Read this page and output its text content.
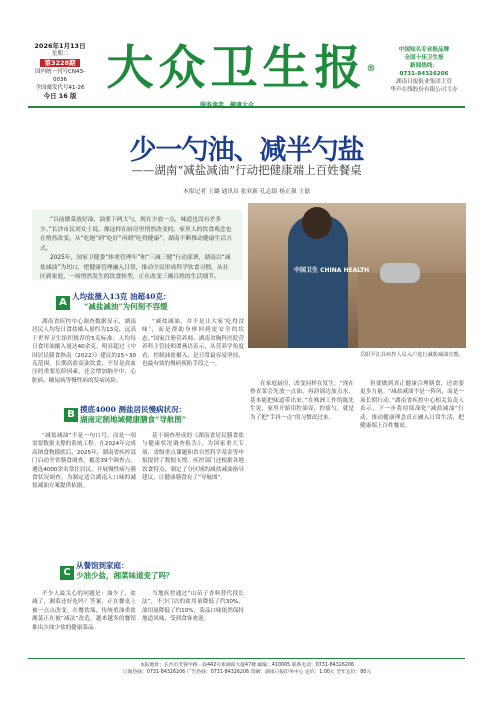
2026年1月13日
星期二
第3228期
国内统一刊号CN43-0036
全国邮发代号41-26
今日 16 版 大众卫生报®
中国知名专业报品牌
全国十佳卫生报
新闻热线：
0731-84326206
湖南日报报业集团主管
华声在线股份有限公司主办
服务读者　 健康大众
少一勺油、减半勺盐
——湖南“减盐减油”行动把健康端上百姓餐桌
本报记者 王璐 通讯员 张亚新 孔志银 杨正强 王磊

“以前做菜放好油，油要下两大勺，现在少放一点，味道也没有差多少。”长沙市民刘女士说。像这样在厨房里悄然改变的，家里人的饮食观念也在悄然改变。从“吃饱”到“吃好”再到“吃得健康”，湖南不断推动健康生活方式。

2025年，国家卫健委“体重管理年”和“三减三健”行动部署，湖南以“减盐减油”为切口，把健康管理融入日常，推动全民形成科学饮食习惯，从社区到家庭，一场悄然发生的饮食转型，正在改变三湘百姓的生活细节。

中国卫生 CHINA HEALTH
岳阳平江县疾控人员入户进行减盐减油宣教。
A
人均盐摄入13克 油超40克：
“减盐减油”为何刻不容缓
湖南省疾控中心调查数据显示，湖南居民人均每日食盐摄入量约为13克，远高于世界卫生组织推荐的5克标准；人均每日食用油摄入量达40余克，明显超过《中国居民膳食指南（2022）》建议的25~30克范围。长期高盐高油饮食，不仅是高血压的重要危险因素，还会增加脑卒中、心脏病、糖尿病等慢性病的发病风险。
“减盐减油，并不是让大家‘吃得没味’，而是帮助身体回到更安全的状态。”国家注册营养师、湖南省胸科医院营养科主管技师谭燕语表示，从营养学角度看，控制油盐摄入，是日常最容易坚持、也最有效的慢病预防手段之一。
在家庭厨房，改变同样在发生。“现在炒青菜会先放一点油，再沥锅边加点水，基本能把味道带出来。”在株洲工作的陈先生说，家里开始用控油壶、控盐勺，就是为了把“手抖一点”的习惯改过来。
但要做到真正健康合理膳食，还需要更多力量。“减盐减油不是一阵风，而是一项长期行动。”湖南省疾控中心相关负责人表示，下一步将持续深化“减盐减油”行动，推动健康理念真正融入日常生活，把健康端上百姓餐桌。
B 摸底4000 测盐居民慢病状况：
湖南定制地域健康膳食“导航图”
“减盐减油”不是一句口号，而是一项需要数据支撑的系统工程。在2024年完成高钠食物摸底后，2025年，湖南省疾控部门启动全省膳食调查，覆盖39个调查点，遴选4000余名常住居民，开展慢性病与膳食状况调查，为制定适合湖南人口味的减盐减油方案提供依据。
基于调查形成的《湖南省居民膳食盐与健康状况调查报告》，为国家重大专项、省级重点课题和省自然科学基金等申报提供了数据支撑。疾控部门还根据各地饮食特点，制定了分区域的减盐减油指导建议，让健康膳食有了“导航图”。
C
从餐馆到家庭：
少油少盐，湘菜味道变了吗？
不少人最关心的问题是：油少了，盐减了，湘菜还好吃吗？答案，正在餐桌上被一点点改变。在餐饮端，传统重油重盐湘菜正在被“减法”改造，越来越多的餐馆推出少油少盐的健康菜品。
当地疾控通过“山苗子香料替代找长法”，不少门店的盐用量降低了约30%，油用量降低了约10%，菜品口味依然保持地道风味，受到食客欢迎。
本报地址：长沙市芙蓉中路一段442号新湖南大厦47楼 邮编：410005 联系电话：0731-84326206
订阅热线：0731-84326206 广告热线：0731-84326206 印刷：湖南日报印务中心 定价：1.00元 全年定价：80元
